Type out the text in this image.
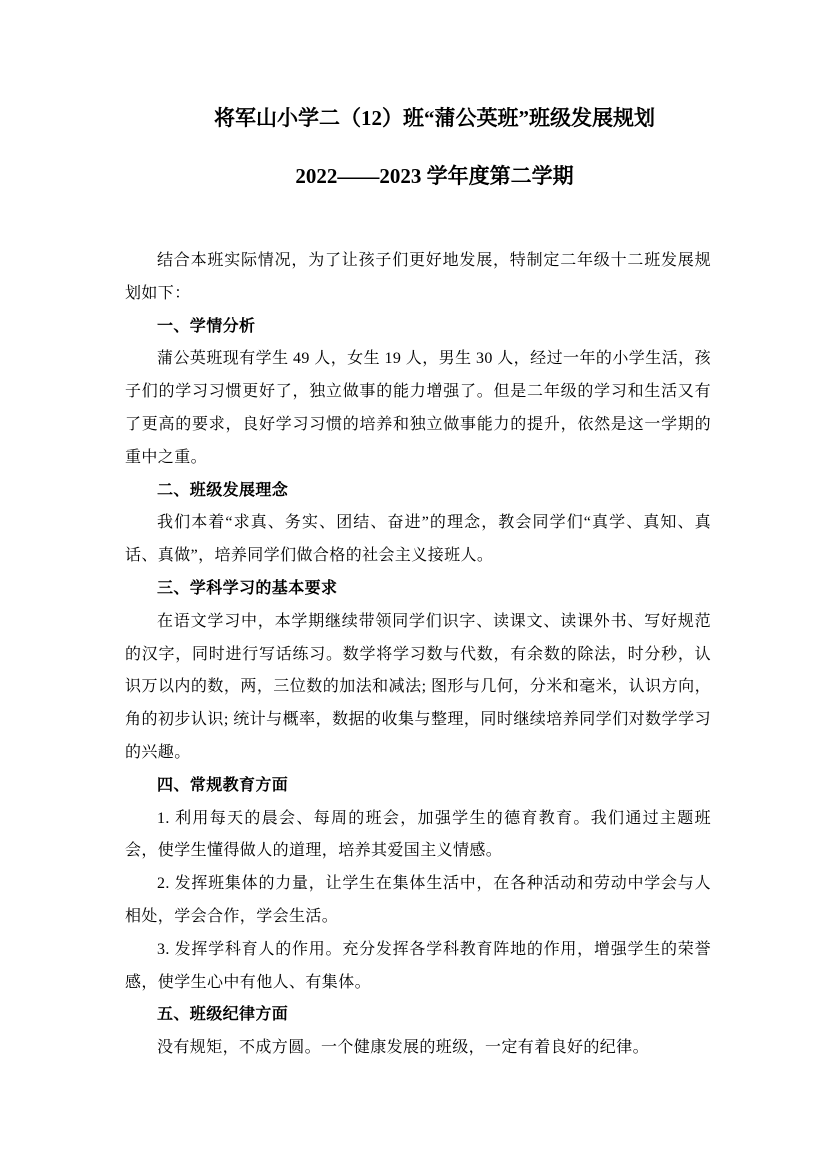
将军山小学二（12）班“蒲公英班”班级发展规划
2022——2023 学年度第二学期

结合本班实际情况，为了让孩子们更好地发展，特制定二年级十二班发展规划如下：

一、学情分析

蒲公英班现有学生 49 人，女生 19 人，男生 30 人，经过一年的小学生活，孩子们的学习习惯更好了，独立做事的能力增强了。但是二年级的学习和生活又有了更高的要求，良好学习习惯的培养和独立做事能力的提升，依然是这一学期的重中之重。

二、班级发展理念

我们本着“求真、务实、团结、奋进”的理念，教会同学们“真学、真知、真话、真做”，培养同学们做合格的社会主义接班人。

三、学科学习的基本要求

在语文学习中，本学期继续带领同学们识字、读课文、读课外书、写好规范的汉字，同时进行写话练习。数学将学习数与代数，有余数的除法，时分秒，认识万以内的数，两，三位数的加法和减法; 图形与几何，分米和毫米，认识方向，角的初步认识; 统计与概率，数据的收集与整理，同时继续培养同学们对数学学习的兴趣。

四、常规教育方面

1. 利用每天的晨会、每周的班会，加强学生的德育教育。我们通过主题班会，使学生懂得做人的道理，培养其爱国主义情感。

2. 发挥班集体的力量，让学生在集体生活中，在各种活动和劳动中学会与人相处，学会合作，学会生活。

3. 发挥学科育人的作用。充分发挥各学科教育阵地的作用，增强学生的荣誉感，使学生心中有他人、有集体。

五、班级纪律方面

没有规矩，不成方圆。一个健康发展的班级，一定有着良好的纪律。
